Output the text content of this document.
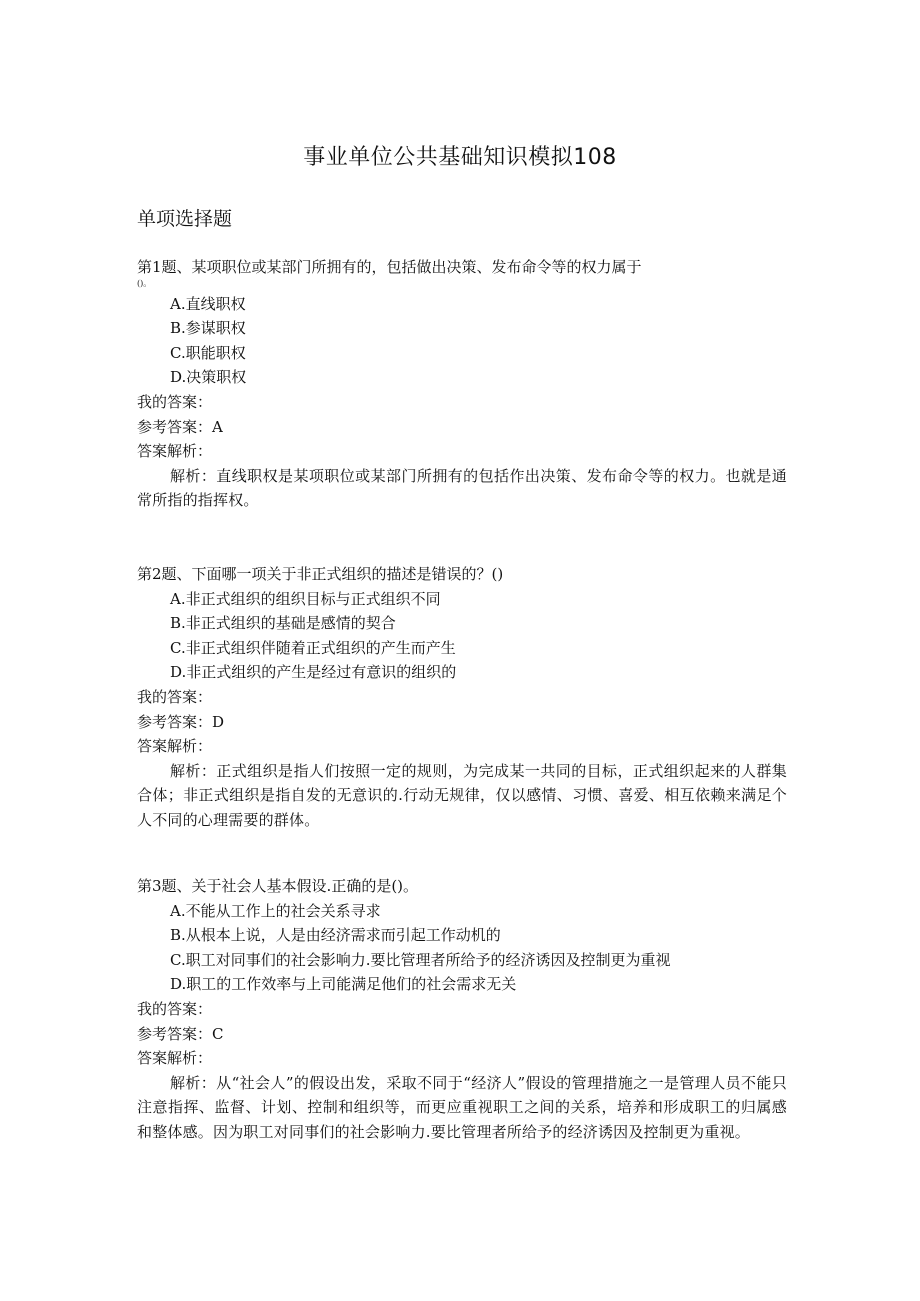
事业单位公共基础知识模拟108
单项选择题
第1题、某项职位或某部门所拥有的，包括做出决策、发布命令等的权力属于
()。
A.直线职权
B.参谋职权
C.职能职权
D.决策职权
我的答案：
参考答案：A
答案解析：
解析：直线职权是某项职位或某部门所拥有的包括作出决策、发布命令等的权力。也就是通常所指的指挥权。
第2题、下面哪一项关于非正式组织的描述是错误的？()
A.非正式组织的组织目标与正式组织不同
B.非正式组织的基础是感情的契合
C.非正式组织伴随着正式组织的产生而产生
D.非正式组织的产生是经过有意识的组织的
我的答案：
参考答案：D
答案解析：
解析：正式组织是指人们按照一定的规则，为完成某一共同的目标，正式组织起来的人群集合体；非正式组织是指自发的无意识的.行动无规律，仅以感情、习惯、喜爱、相互依赖来满足个人不同的心理需要的群体。
第3题、关于社会人基本假设.正确的是()。
A.不能从工作上的社会关系寻求
B.从根本上说，人是由经济需求而引起工作动机的
C.职工对同事们的社会影响力.要比管理者所给予的经济诱因及控制更为重视
D.职工的工作效率与上司能满足他们的社会需求无关
我的答案：
参考答案：C
答案解析：
解析：从“社会人”的假设出发，采取不同于“经济人”假设的管理措施之一是管理人员不能只注意指挥、监督、计划、控制和组织等，而更应重视职工之间的关系，培养和形成职工的归属感和整体感。因为职工对同事们的社会影响力.要比管理者所给予的经济诱因及控制更为重视。
